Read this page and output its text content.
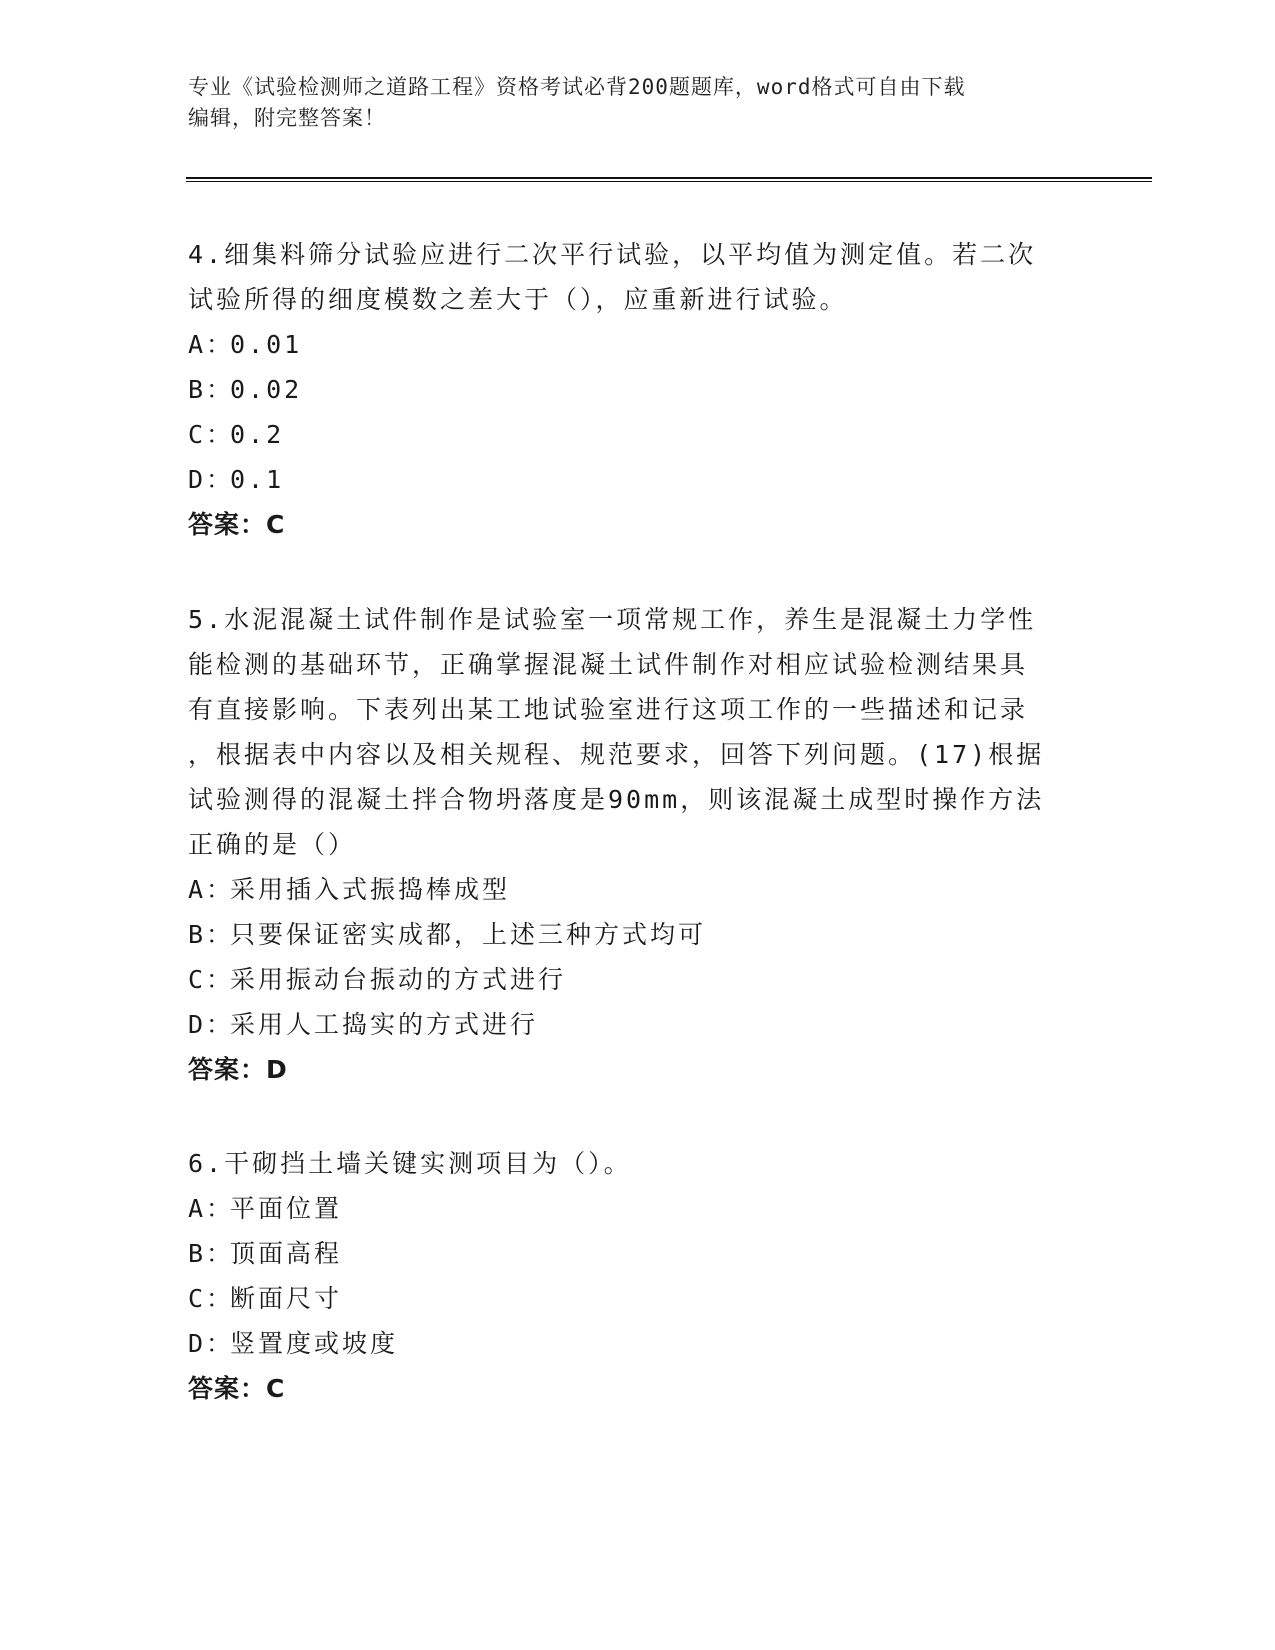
专业《试验检测师之道路工程》资格考试必背200题题库，word格式可自由下载
编辑，附完整答案！
4.细集料筛分试验应进行二次平行试验，以平均值为测定值。若二次
试验所得的细度模数之差大于（），应重新进行试验。
A：
0.01
B：
0.02
C：
0.2
D：
0.1
答案：C
5.水泥混凝土试件制作是试验室一项常规工作，养生是混凝土力学性
能检测的基础环节，正确掌握混凝土试件制作对相应试验检测结果具
有直接影响。下表列出某工地试验室进行这项工作的一些描述和记录
，根据表中内容以及相关规程、规范要求，回答下列问题。(17)根据
试验测得的混凝土拌合物坍落度是90mm，则该混凝土成型时操作方法
正确的是（）
A：
采用插入式振捣棒成型
B：
只要保证密实成都，上述三种方式均可
C：
采用振动台振动的方式进行
D：
采用人工捣实的方式进行
答案：D
6.干砌挡土墙关键实测项目为（）。
A：
平面位置
B：
顶面高程
C：
断面尺寸
D：
竖置度或坡度
答案：C
